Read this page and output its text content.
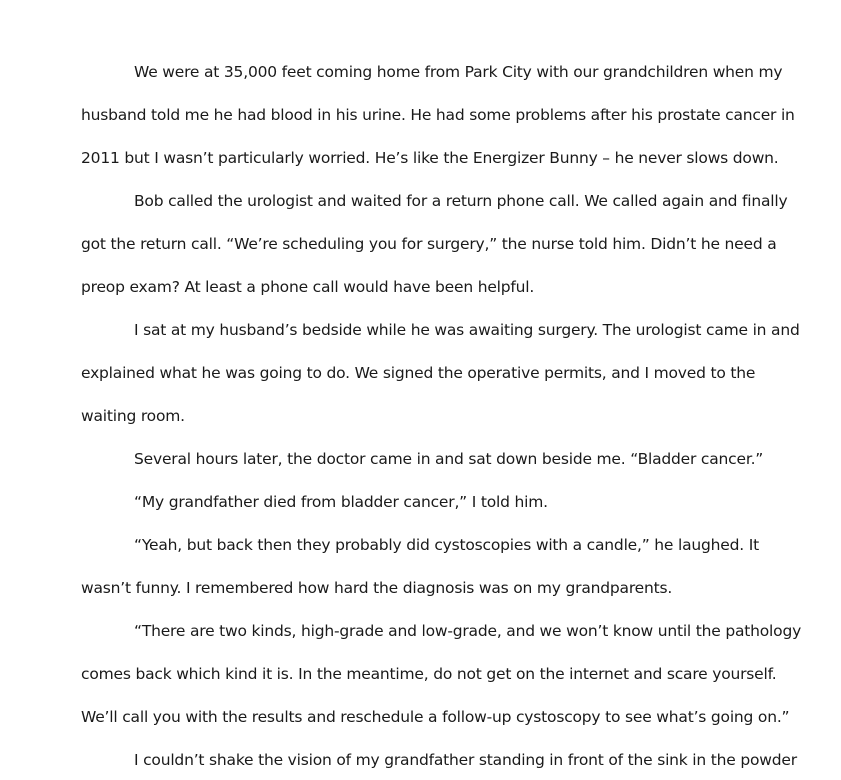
We were at 35,000 feet coming home from Park City with our grandchildren when my
husband told me he had blood in his urine. He had some problems after his prostate cancer in
2011 but I wasn’t particularly worried. He’s like the Energizer Bunny – he never slows down.
Bob called the urologist and waited for a return phone call. We called again and finally
got the return call. “We’re scheduling you for surgery,” the nurse told him. Didn’t he need a
preop exam? At least a phone call would have been helpful.
I sat at my husband’s bedside while he was awaiting surgery. The urologist came in and
explained what he was going to do. We signed the operative permits, and I moved to the
waiting room.
Several hours later, the doctor came in and sat down beside me. “Bladder cancer.”
“My grandfather died from bladder cancer,” I told him.
“Yeah, but back then they probably did cystoscopies with a candle,” he laughed. It
wasn’t funny. I remembered how hard the diagnosis was on my grandparents.
“There are two kinds, high-grade and low-grade, and we won’t know until the pathology
comes back which kind it is. In the meantime, do not get on the internet and scare yourself.
We’ll call you with the results and reschedule a follow-up cystoscopy to see what’s going on.”
I couldn’t shake the vision of my grandfather standing in front of the sink in the powder
